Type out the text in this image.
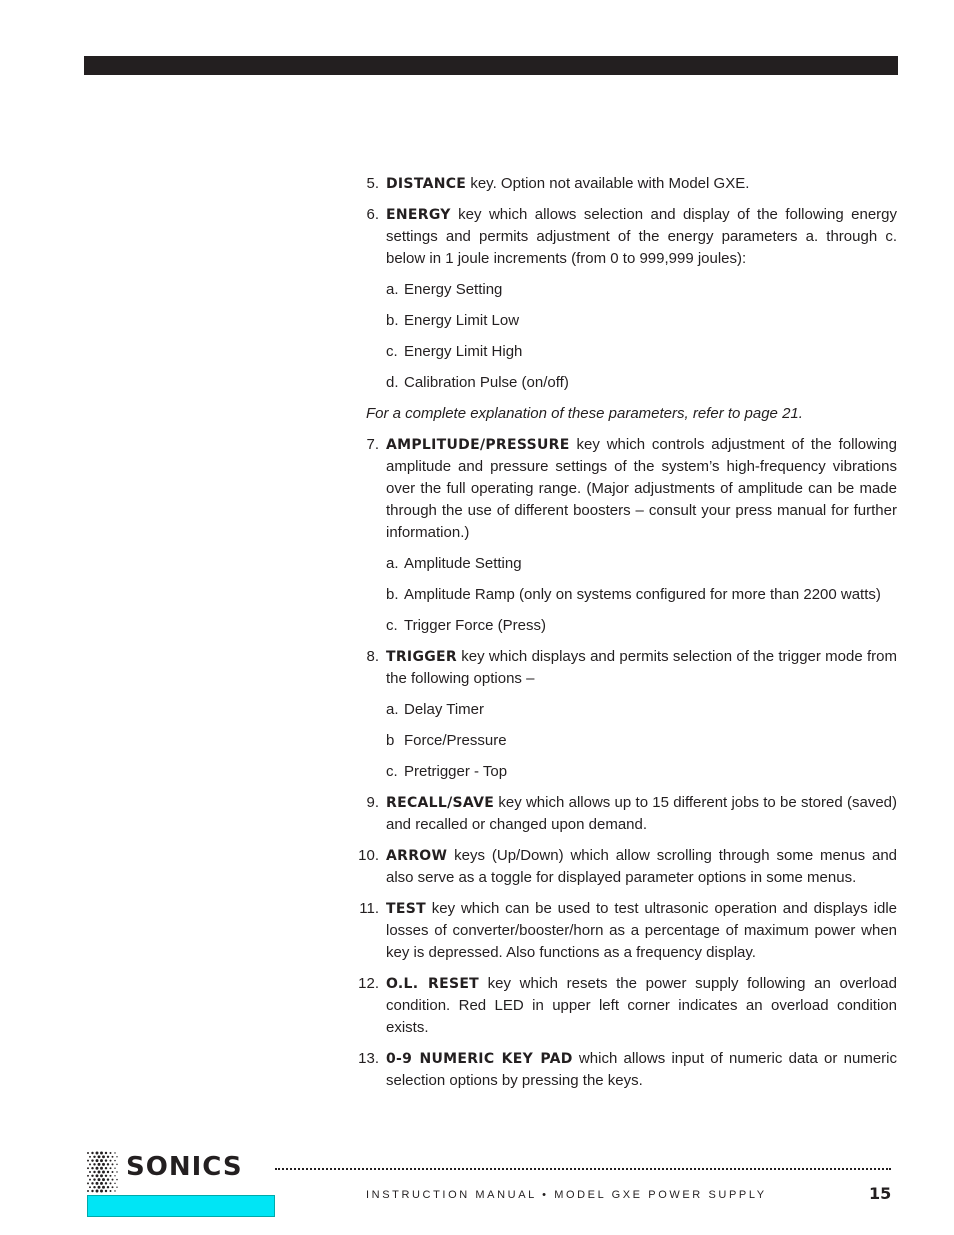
5. DISTANCE key. Option not available with Model GXE.
6. ENERGY key which allows selection and display of the following energy settings and permits adjustment of the energy parameters a. through c. below in 1 joule increments (from 0 to 999,999 joules):
a. Energy Setting
b. Energy Limit Low
c. Energy Limit High
d. Calibration Pulse (on/off)
For a complete explanation of these parameters, refer to page 21.
7. AMPLITUDE/PRESSURE key which controls adjustment of the following amplitude and pressure settings of the system’s high-frequency vibrations over the full operating range. (Major adjustments of amplitude can be made through the use of different boosters – consult your press manual for further information.)
a. Amplitude Setting
b. Amplitude Ramp (only on systems configured for more than 2200 watts)
c. Trigger Force (Press)
8. TRIGGER key which displays and permits selection of the trigger mode from the following options –
a. Delay Timer
b Force/Pressure
c. Pretrigger - Top
9. RECALL/SAVE key which allows up to 15 different jobs to be stored (saved) and recalled or changed upon demand.
10. ARROW keys (Up/Down) which allow scrolling through some menus and also serve as a toggle for displayed parameter options in some menus.
11. TEST key which can be used to test ultrasonic operation and displays idle losses of converter/booster/horn as a percentage of maximum power when key is depressed. Also functions as a frequency display.
12. O.L. RESET key which resets the power supply following an overload condition. Red LED in upper left corner indicates an overload condition exists.
13. 0-9 NUMERIC KEY PAD which allows input of numeric data or numeric selection options by pressing the keys.
SONICS
INSTRUCTION MANUAL • MODEL GXE POWER SUPPLY	15
